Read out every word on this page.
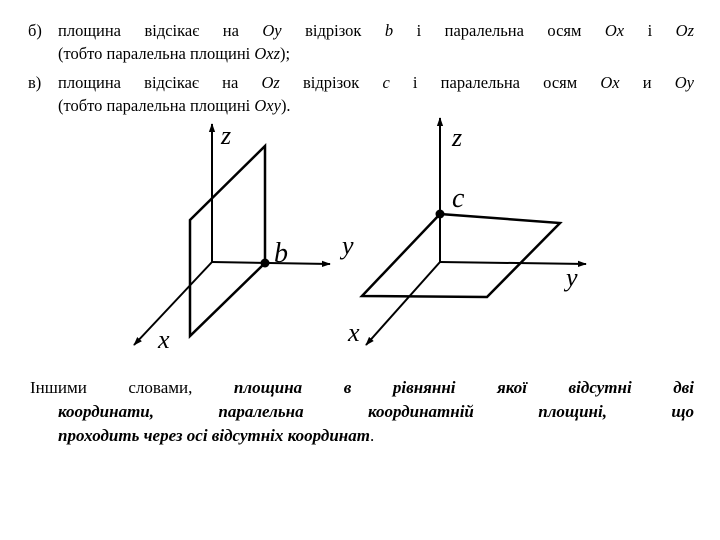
б) площина відсікає на Oy відрізок b і паралельна осям Ox і Oz
(тобто паралельна площині Oxz);
в) площина відсікає на Oz відрізок c і паралельна осям Ox и Oy
(тобто паралельна площині Oxy).
z
y
x
b
z
y
x
c
Іншими словами, площина в рівнянні якої відсутні дві
координати, паралельна координатній площині, що
проходить через осі відсутніх координат.
